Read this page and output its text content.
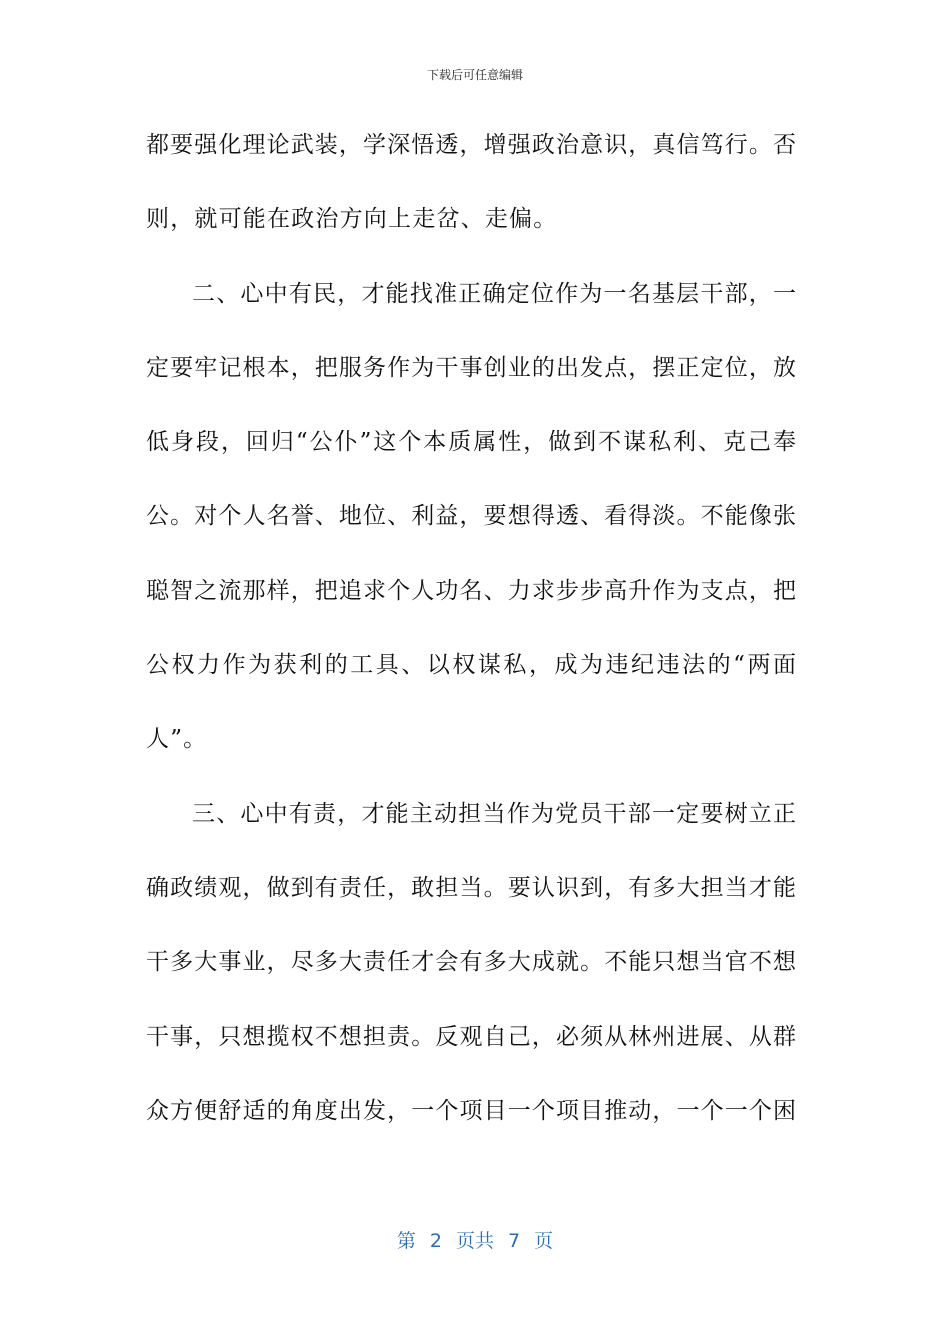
下载后可任意编辑
都要强化理论武装，学深悟透，增强政治意识，真信笃行。否
则，就可能在政治方向上走岔、走偏。
二、心中有民，才能找准正确定位作为一名基层干部，一
定要牢记根本，把服务作为干事创业的出发点，摆正定位，放
低身段，回归“公仆”这个本质属性，做到不谋私利、克己奉
公。对个人名誉、地位、利益，要想得透、看得淡。不能像张
聪智之流那样，把追求个人功名、力求步步高升作为支点，把
公权力作为获利的工具、以权谋私，成为违纪违法的“两面
人”。
三、心中有责，才能主动担当作为党员干部一定要树立正
确政绩观，做到有责任，敢担当。要认识到，有多大担当才能
干多大事业，尽多大责任才会有多大成就。不能只想当官不想
干事，只想揽权不想担责。反观自己，必须从林州进展、从群
众方便舒适的角度出发，一个项目一个项目推动，一个一个困
第 2 页共 7 页
